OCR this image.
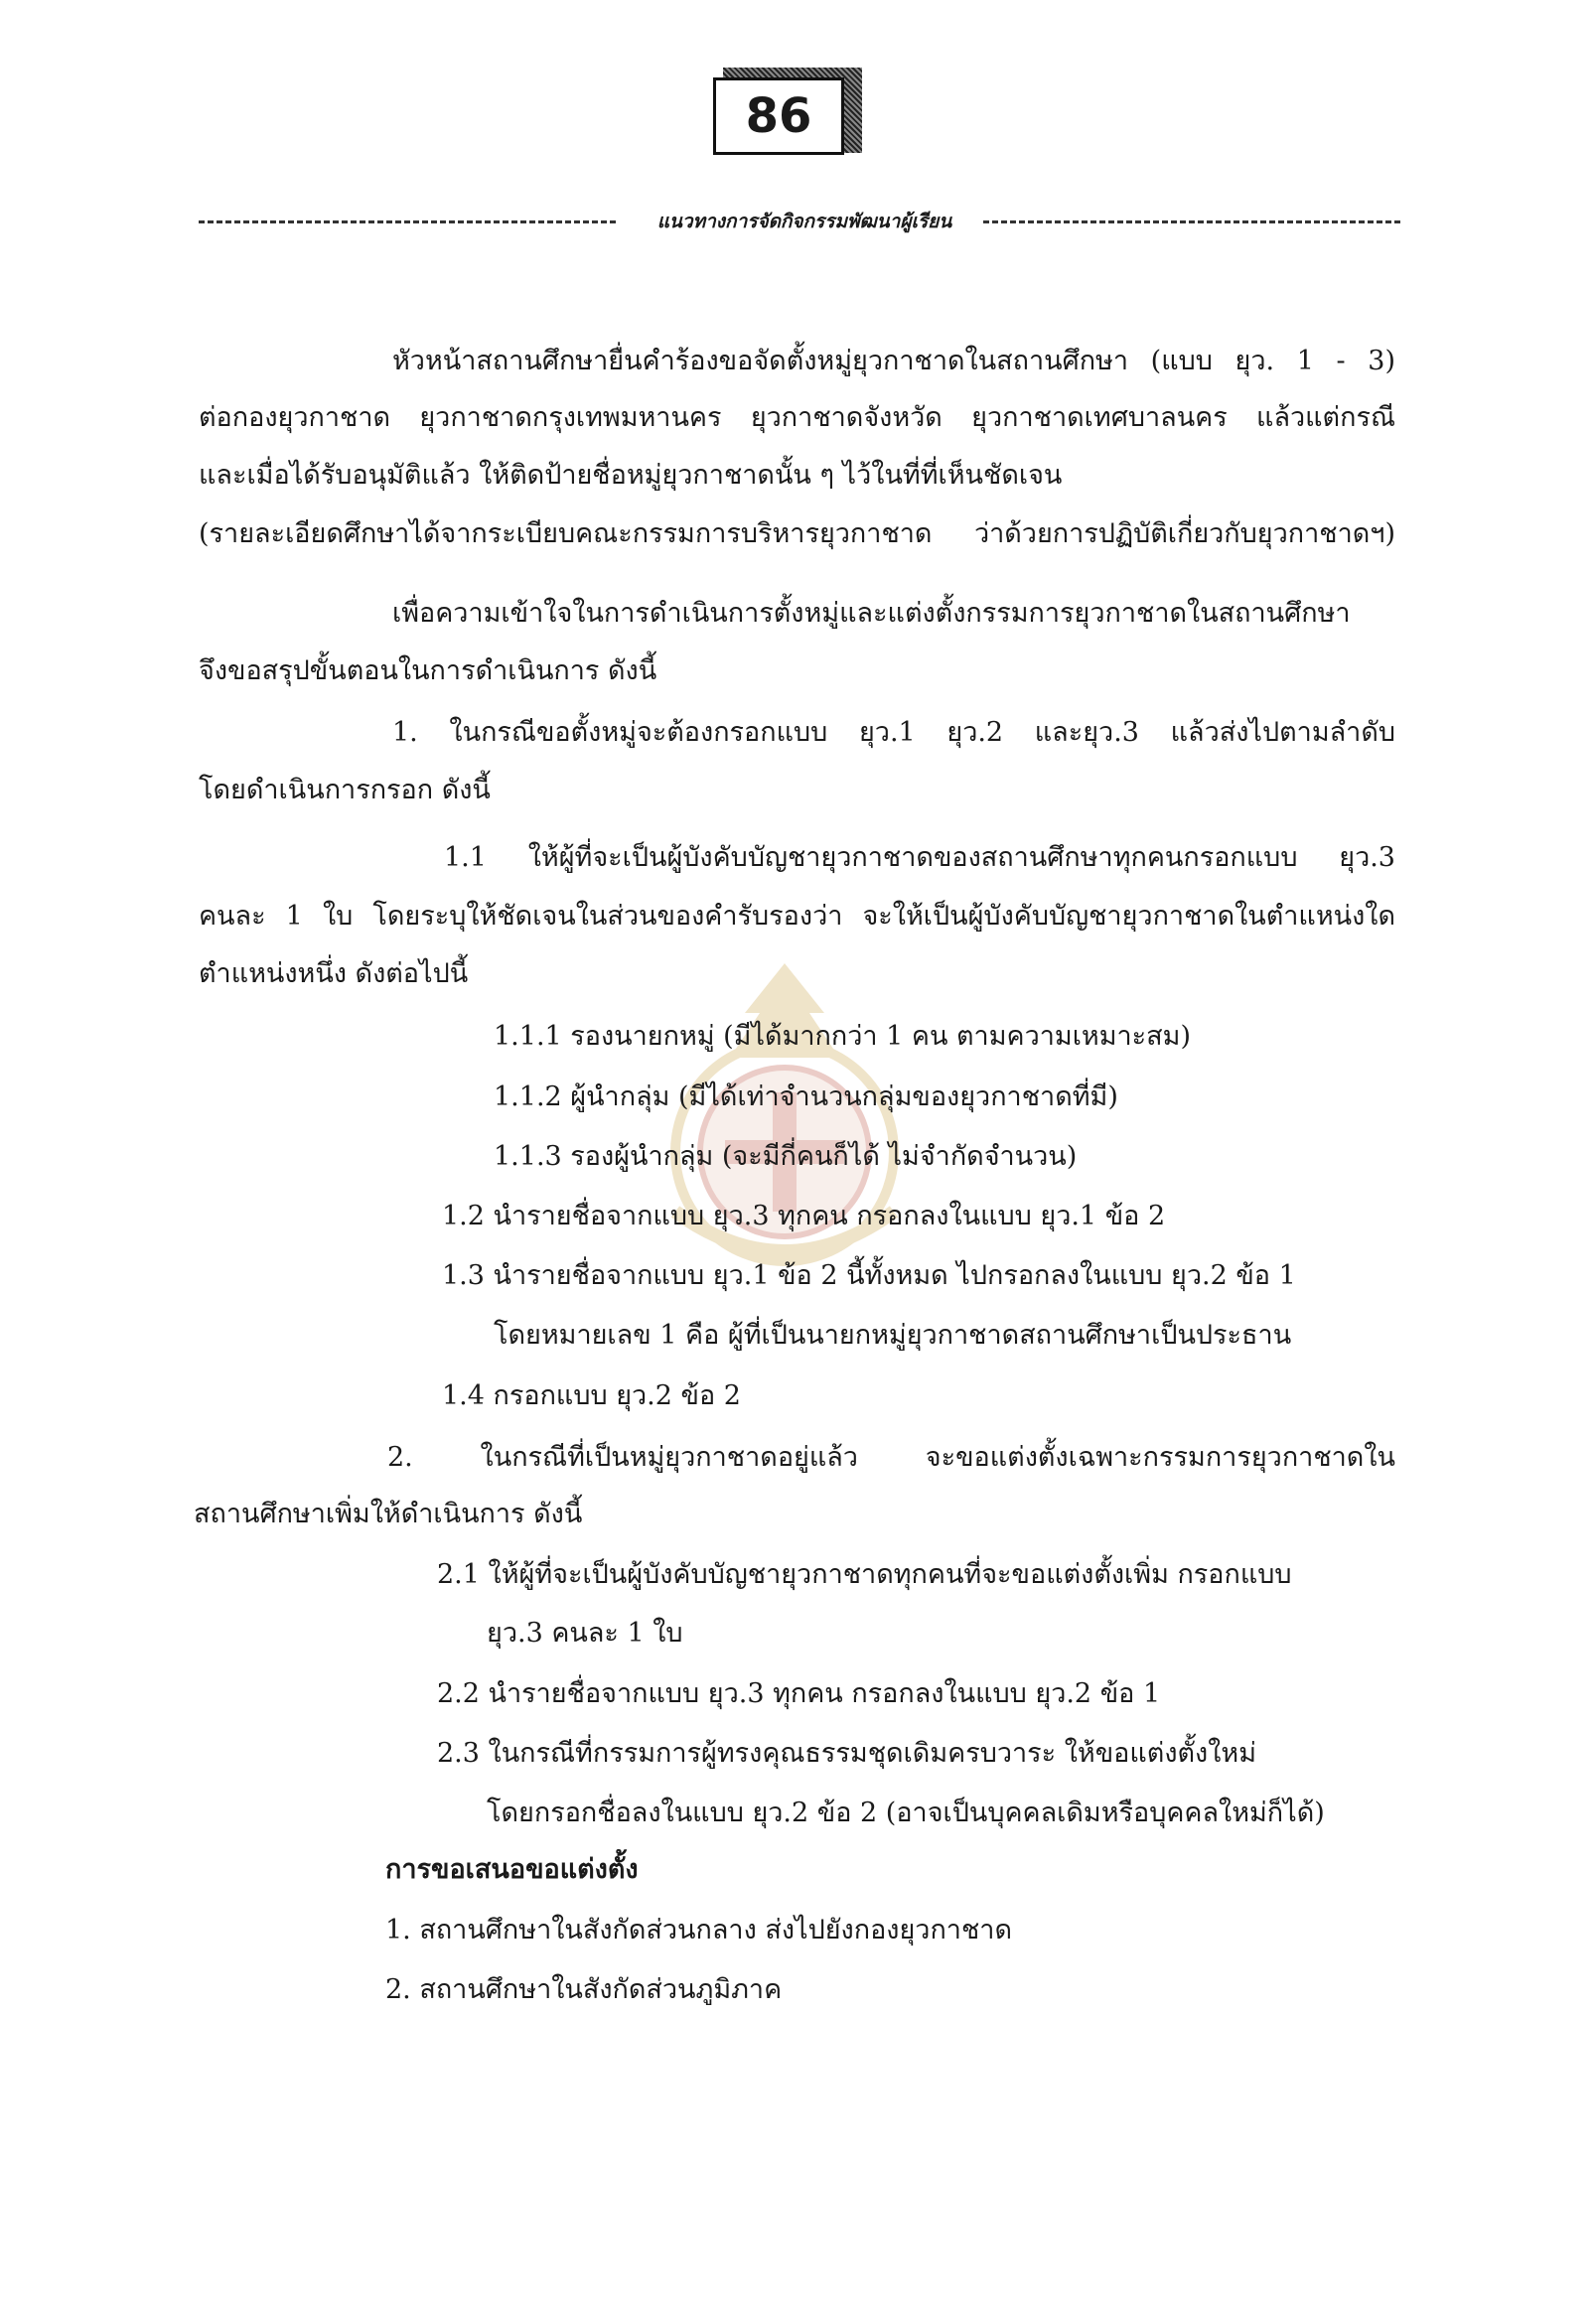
86
แนวทางการจัดกิจกรรมพัฒนาผู้เรียน
หัวหน้าสถานศึกษายื่นคำร้องขอจัดตั้งหมู่ยุวกาชาดในสถานศึกษา (แบบ ยุว. 1 - 3)
ต่อกองยุวกาชาด ยุวกาชาดกรุงเทพมหานคร ยุวกาชาดจังหวัด ยุวกาชาดเทศบาลนคร แล้วแต่กรณี
และเมื่อได้รับอนุมัติแล้ว ให้ติดป้ายชื่อหมู่ยุวกาชาดนั้น ๆ ไว้ในที่ที่เห็นชัดเจน
(รายละเอียดศึกษาได้จากระเบียบคณะกรรมการบริหารยุวกาชาด ว่าด้วยการปฏิบัติเกี่ยวกับยุวกาชาดฯ)
เพื่อความเข้าใจในการดำเนินการตั้งหมู่และแต่งตั้งกรรมการยุวกาชาดในสถานศึกษา
จึงขอสรุปขั้นตอนในการดำเนินการ ดังนี้
1. ในกรณีขอตั้งหมู่จะต้องกรอกแบบ ยุว.1 ยุว.2 และยุว.3 แล้วส่งไปตามลำดับ
โดยดำเนินการกรอก ดังนี้
1.1 ให้ผู้ที่จะเป็นผู้บังคับบัญชายุวกาชาดของสถานศึกษาทุกคนกรอกแบบ ยุว.3
คนละ 1 ใบ โดยระบุให้ชัดเจนในส่วนของคำรับรองว่า จะให้เป็นผู้บังคับบัญชายุวกาชาดในตำแหน่งใด
ตำแหน่งหนึ่ง ดังต่อไปนี้
1.1.1 รองนายกหมู่ (มีได้มากกว่า 1 คน ตามความเหมาะสม)
1.1.2 ผู้นำกลุ่ม (มีได้เท่าจำนวนกลุ่มของยุวกาชาดที่มี)
1.1.3 รองผู้นำกลุ่ม (จะมีกี่คนก็ได้ ไม่จำกัดจำนวน)
1.2 นำรายชื่อจากแบบ ยุว.3 ทุกคน กรอกลงในแบบ ยุว.1 ข้อ 2
1.3 นำรายชื่อจากแบบ ยุว.1 ข้อ 2 นี้ทั้งหมด ไปกรอกลงในแบบ ยุว.2 ข้อ 1
โดยหมายเลข 1 คือ ผู้ที่เป็นนายกหมู่ยุวกาชาดสถานศึกษาเป็นประธาน
1.4 กรอกแบบ ยุว.2 ข้อ 2
2. ในกรณีที่เป็นหมู่ยุวกาชาดอยู่แล้ว จะขอแต่งตั้งเฉพาะกรรมการยุวกาชาดใน
สถานศึกษาเพิ่มให้ดำเนินการ ดังนี้
2.1 ให้ผู้ที่จะเป็นผู้บังคับบัญชายุวกาชาดทุกคนที่จะขอแต่งตั้งเพิ่ม กรอกแบบ
ยุว.3 คนละ 1 ใบ
2.2 นำรายชื่อจากแบบ ยุว.3 ทุกคน กรอกลงในแบบ ยุว.2 ข้อ 1
2.3 ในกรณีที่กรรมการผู้ทรงคุณธรรมชุดเดิมครบวาระ ให้ขอแต่งตั้งใหม่
โดยกรอกชื่อลงในแบบ ยุว.2 ข้อ 2 (อาจเป็นบุคคลเดิมหรือบุคคลใหม่ก็ได้)
การขอเสนอขอแต่งตั้ง
1. สถานศึกษาในสังกัดส่วนกลาง ส่งไปยังกองยุวกาชาด
2. สถานศึกษาในสังกัดส่วนภูมิภาค
